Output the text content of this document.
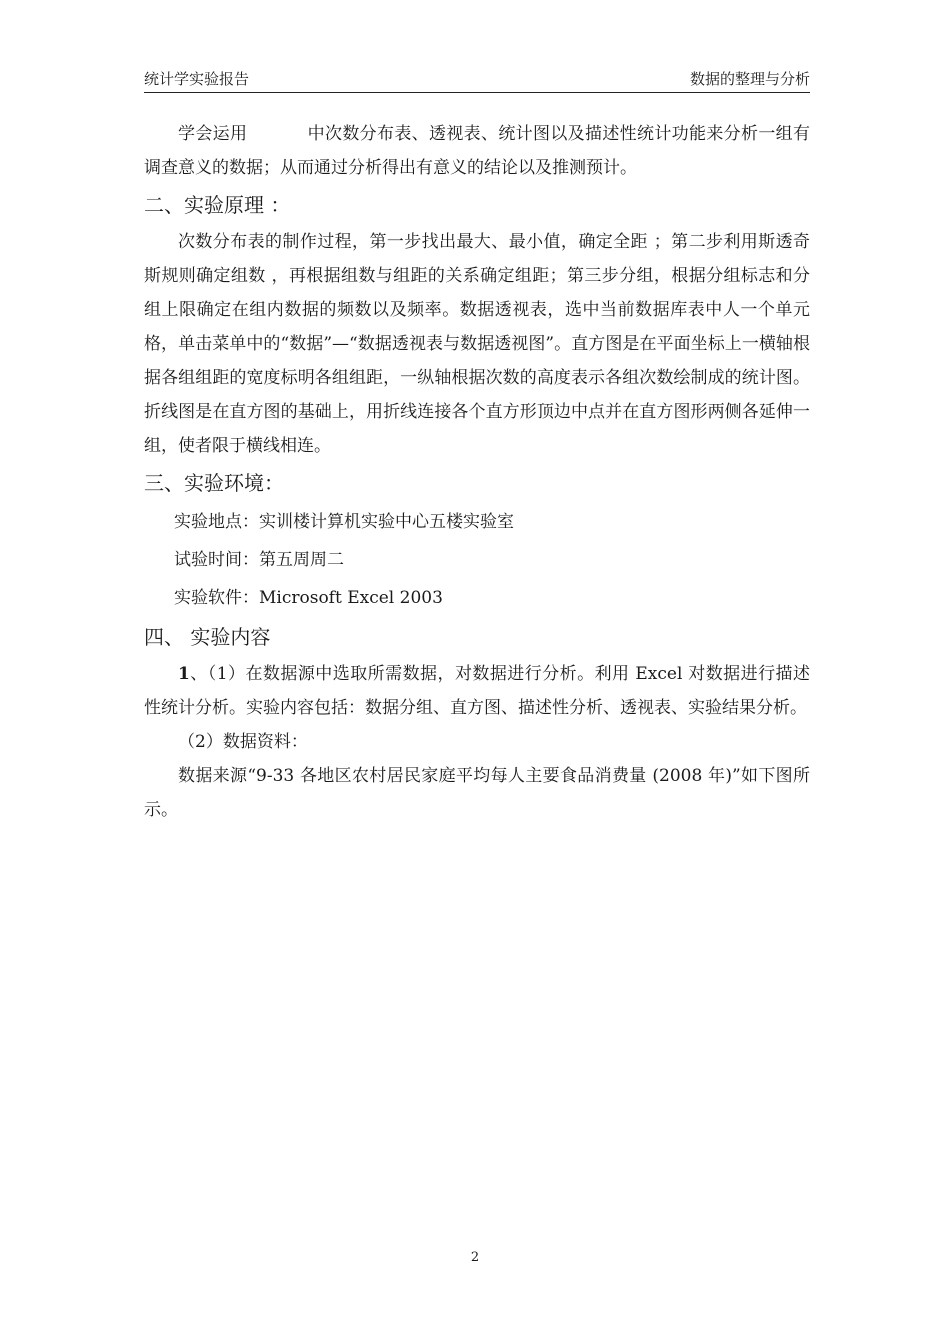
统计学实验报告	数据的整理与分析

学会运用	中次数分布表、透视表、统计图以及描述性统计功能来分析一组有调查意义的数据；从而通过分析得出有意义的结论以及推测预计。

二、实验原理 ：

次数分布表的制作过程，第一步找出最大、最小值，确定全距 ；第二步利用斯透奇斯规则确定组数 ，再根据组数与组距的关系确定组距；第三步分组，根据分组标志和分组上限确定在组内数据的频数以及频率。数据透视表，选中当前数据库表中人一个单元格，单击菜单中的“数据”—“数据透视表与数据透视图”。直方图是在平面坐标上一横轴根据各组组距的宽度标明各组组距，一纵轴根据次数的高度表示各组次数绘制成的统计图。折线图是在直方图的基础上，用折线连接各个直方形顶边中点并在直方图形两侧各延伸一组，使者限于横线相连。

三、实验环境：

实验地点：实训楼计算机实验中心五楼实验室

试验时间：第五周周二

实验软件：Microsoft Excel 2003

四、 实验内容

1、（1）在数据源中选取所需数据，对数据进行分析。利用 Excel 对数据进行描述性统计分析。实验内容包括：数据分组、直方图、描述性分析、透视表、实验结果分析。

（2）数据资料：

数据来源“9-33 各地区农村居民家庭平均每人主要食品消费量 (2008 年)”如下图所示。

2
